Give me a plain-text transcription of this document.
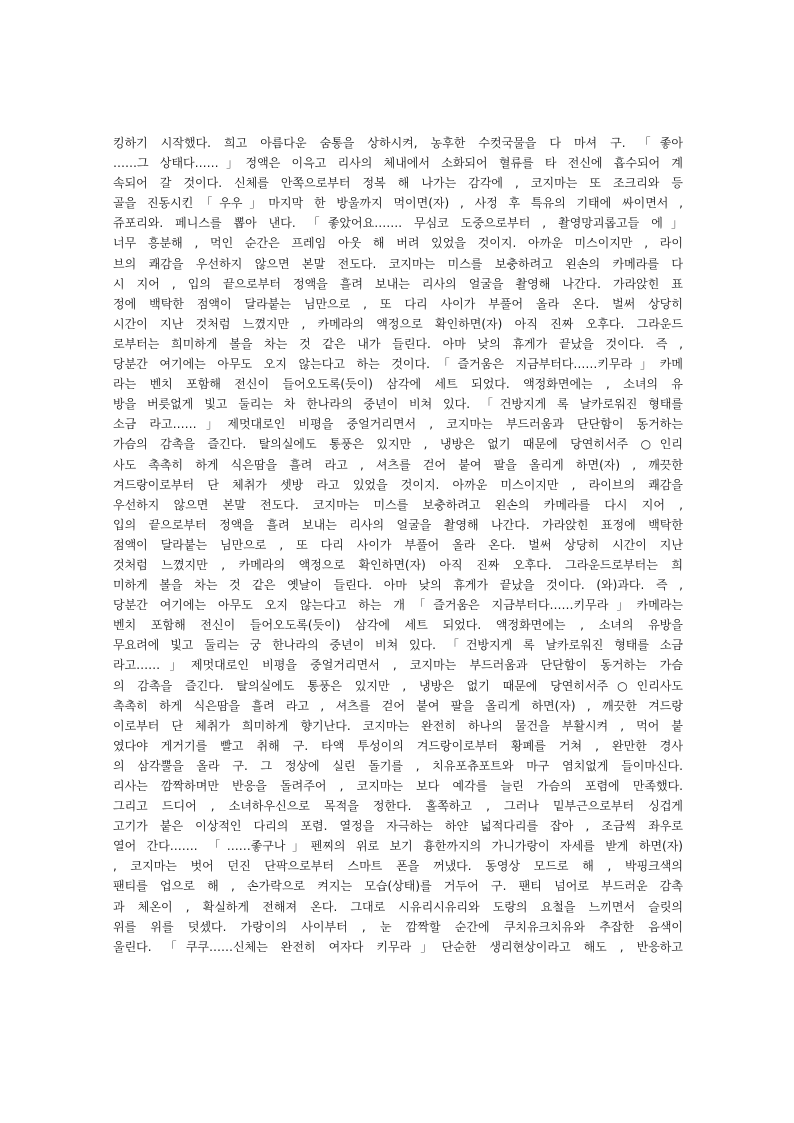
킹하기 시작했다. 희고 아름다운 숨통을 상하시켜, 농후한 수컷국물을 다 마셔 구. 「좋아
……그 상태다……」정액은 이윽고 리사의 체내에서 소화되어 혈류를 타 전신에 흡수되어 계
속되어 갈 것이다. 신체를 안쪽으로부터 정복 해 나가는 감각에 , 코지마는 또 조크리와 등
골을 진동시킨「우우」마지막 한 방울까지 먹이면(자) , 사정 후 특유의 기태에 싸이면서 ,
쥬포리와. 페니스를 뽑아 낸다. 「좋았어요……. 무심코 도중으로부터 , 촬영망괴롭고들 에」
너무 흥분해 , 먹인 순간은 프레임 아웃 해 버려 있었을 것이지. 아까운 미스이지만 , 라이
브의 쾌감을 우선하지 않으면 본말 전도다. 코지마는 미스를 보충하려고 왼손의 카메라를 다
시 지어 , 입의 끝으로부터 정액을 흘려 보내는 리사의 얼굴을 촬영해 나간다. 가라앉힌 표
정에 백탁한 점액이 달라붙는 님만으로 , 또 다리 사이가 부풀어 올라 온다. 벌써 상당히
시간이 지난 것처럼 느꼈지만 , 카메라의 액정으로 확인하면(자) 아직 진짜 오후다. 그라운드
로부터는 희미하게 볼을 차는 것 같은 내가 들린다. 아마 낮의 휴게가 끝났을 것이다. 즉 ,
당분간 여기에는 아무도 오지 않는다고 하는 것이다.「즐거움은 지금부터다……키무라」카메
라는 벤치 포함해 전신이 들어오도록(듯이) 삼각에 세트 되었다. 액정화면에는 , 소녀의 유
방을 버릇없게 빛고 둘리는 차 한나라의 중년이 비쳐 있다. 「건방지게 록 날카로워진 형태를
소금 라고……」제멋대로인 비평을 중얼거리면서 , 코지마는 부드러움과 단단함이 동거하는
가슴의 감촉을 즐긴다. 탈의실에도 통풍은 있지만 , 냉방은 없기 때문에 당연히서주 ○인리
사도 촉촉히 하게 식은땀을 흘려 라고 , 셔츠를 걷어 붙여 팔을 올리게 하면(자) , 깨끗한
겨드랑이로부터 단 체취가 셋방 라고 있었을 것이지. 아까운 미스이지만 , 라이브의 쾌감을
우선하지 않으면 본말 전도다. 코지마는 미스를 보충하려고 왼손의 카메라를 다시 지어 ,
입의 끝으로부터 정액을 흘려 보내는 리사의 얼굴을 촬영해 나간다. 가라앉힌 표정에 백탁한
점액이 달라붙는 님만으로 , 또 다리 사이가 부풀어 올라 온다. 벌써 상당히 시간이 지난
것처럼 느꼈지만 , 카메라의 액정으로 확인하면(자) 아직 진짜 오후다. 그라운드로부터는 희
미하게 볼을 차는 것 같은 옛날이 들린다. 아마 낮의 휴게가 끝났을 것이다. (와)과다. 즉 ,
당분간 여기에는 아무도 오지 않는다고 하는 개「즐거움은 지금부터다……키무라」카메라는
벤치 포함해 전신이 들어오도록(듯이) 삼각에 세트 되었다. 액정화면에는 , 소녀의 유방을
무요려에 빛고 둘리는 궁 한나라의 중년이 비쳐 있다. 「건방지게 록 날카로워진 형태를 소금
라고……」제멋대로인 비평을 중얼거리면서 , 코지마는 부드러움과 단단함이 동거하는 가슴
의 감촉을 즐긴다. 탈의실에도 통풍은 있지만 , 냉방은 없기 때문에 당연히서주○인리사도
촉촉히 하게 식은땀을 흘려 라고 , 셔츠를 걷어 붙여 팔을 올리게 하면(자) , 깨끗한 겨드랑
이로부터 단 체취가 희미하게 향기난다. 코지마는 완전히 하나의 물건을 부활시켜 , 먹어 붙
였다야 게거기를 빨고 취해 구. 타액 투성이의 겨드랑이로부터 황폐를 거쳐 , 완만한 경사
의 삼각뿔을 올라 구. 그 정상에 실린 돌기를 , 치유포츄포트와 마구 염치없게 들이마신다.
리사는 깜짝하며만 반응을 돌려주어 , 코지마는 보다 예각를 늘린 가슴의 포렴에 만족했다.
그리고 드디어 , 소녀하우신으로 목적을 정한다. 홀쪽하고 , 그러나 밑부근으로부터 싱겁게
고기가 붙은 이상적인 다리의 포렴. 열정을 자극하는 하얀 넓적다리를 잡아 , 조금씩 좌우로
열어 간다……. 「……좋구나」펜찌의 위로 보기 흉한까지의 가니가랑이 자세를 받게 하면(자)
, 코지마는 벗어 던진 단팍으로부터 스마트 폰을 꺼냈다. 동영상 모드로 해 , 박핑크색의
팬티를 업으로 해 , 손가락으로 켜지는 모습(상태)를 거두어 구. 팬티 넘어로 부드러운 감촉
과 체온이 , 확실하게 전해져 온다. 그대로 시유리시유리와 도랑의 요철을 느끼면서 슬릿의
위를 위를 덧셌다. 가랑이의 사이부터 , 눈 깜짝할 순간에 쿠치유크치유와 추잡한 음색이
울린다. 「쿠쿠……신체는 완전히 여자다 키무라」단순한 생리현상이라고 해도 , 반응하고
